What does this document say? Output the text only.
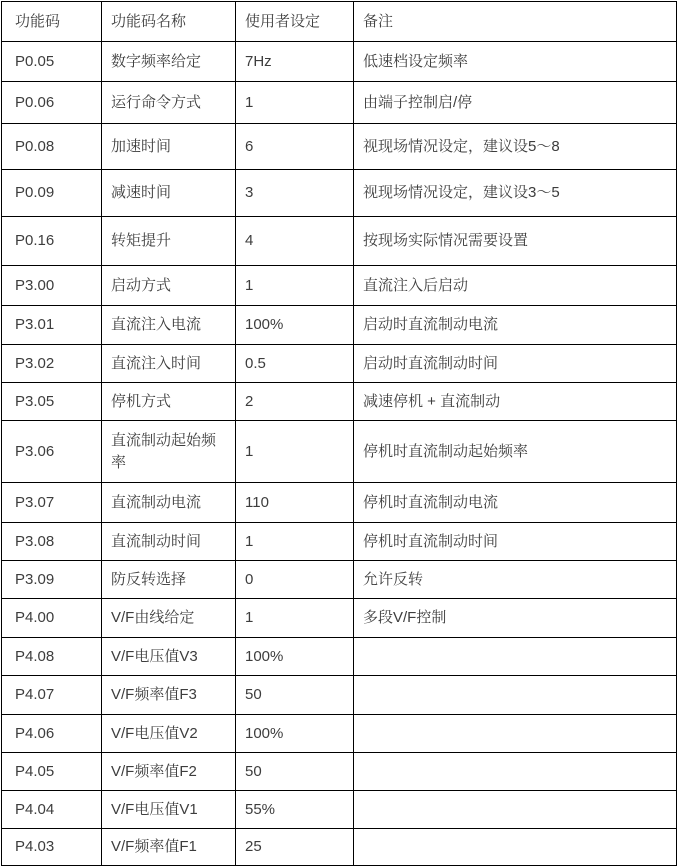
功能码	功能码名称	使用者设定	备注
P0.05	数字频率给定	7Hz	低速档设定频率
P0.06	运行命令方式	1	由端子控制启/停
P0.08	加速时间	6	视现场情况设定，建议设5～8
P0.09	减速时间	3	视现场情况设定，建议设3～5
P0.16	转矩提升	4	按现场实际情况需要设置
P3.00	启动方式	1	直流注入后启动
P3.01	直流注入电流	100%	启动时直流制动电流
P3.02	直流注入时间	0.5	启动时直流制动时间
P3.05	停机方式	2	减速停机 + 直流制动
P3.06	直流制动起始频率	1	停机时直流制动起始频率
P3.07	直流制动电流	110	停机时直流制动电流
P3.08	直流制动时间	1	停机时直流制动时间
P3.09	防反转选择	0	允许反转
P4.00	V/F由线给定	1	多段V/F控制
P4.08	V/F电压值V3	100%	
P4.07	V/F频率值F3	50	
P4.06	V/F电压值V2	100%	
P4.05	V/F频率值F2	50	
P4.04	V/F电压值V1	55%	
P4.03	V/F频率值F1	25	
